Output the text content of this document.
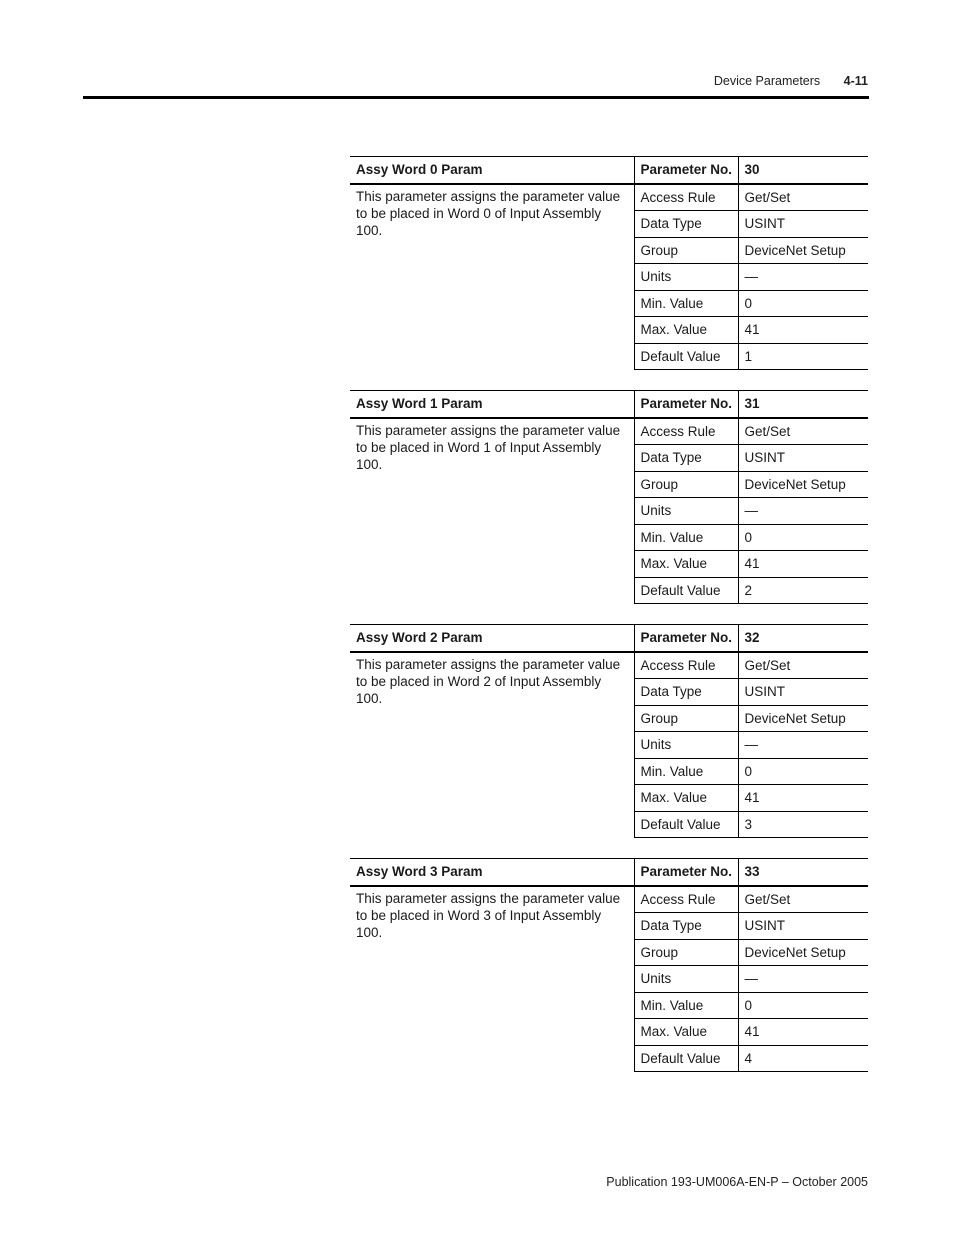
Device Parameters 4-11
Assy Word 0 Param	Parameter No.	30
This parameter assigns the parameter value to be placed in Word 0 of Input Assembly 100.	Access Rule	Get/Set
	Data Type	USINT
	Group	DeviceNet Setup
	Units	—
	Min. Value	0
	Max. Value	41
	Default Value	1
Assy Word 1 Param	Parameter No.	31
This parameter assigns the parameter value to be placed in Word 1 of Input Assembly 100.	Access Rule	Get/Set
	Data Type	USINT
	Group	DeviceNet Setup
	Units	—
	Min. Value	0
	Max. Value	41
	Default Value	2
Assy Word 2 Param	Parameter No.	32
This parameter assigns the parameter value to be placed in Word 2 of Input Assembly 100.	Access Rule	Get/Set
	Data Type	USINT
	Group	DeviceNet Setup
	Units	—
	Min. Value	0
	Max. Value	41
	Default Value	3
Assy Word 3 Param	Parameter No.	33
This parameter assigns the parameter value to be placed in Word 3 of Input Assembly 100.	Access Rule	Get/Set
	Data Type	USINT
	Group	DeviceNet Setup
	Units	—
	Min. Value	0
	Max. Value	41
	Default Value	4
Publication 193-UM006A-EN-P – October 2005
